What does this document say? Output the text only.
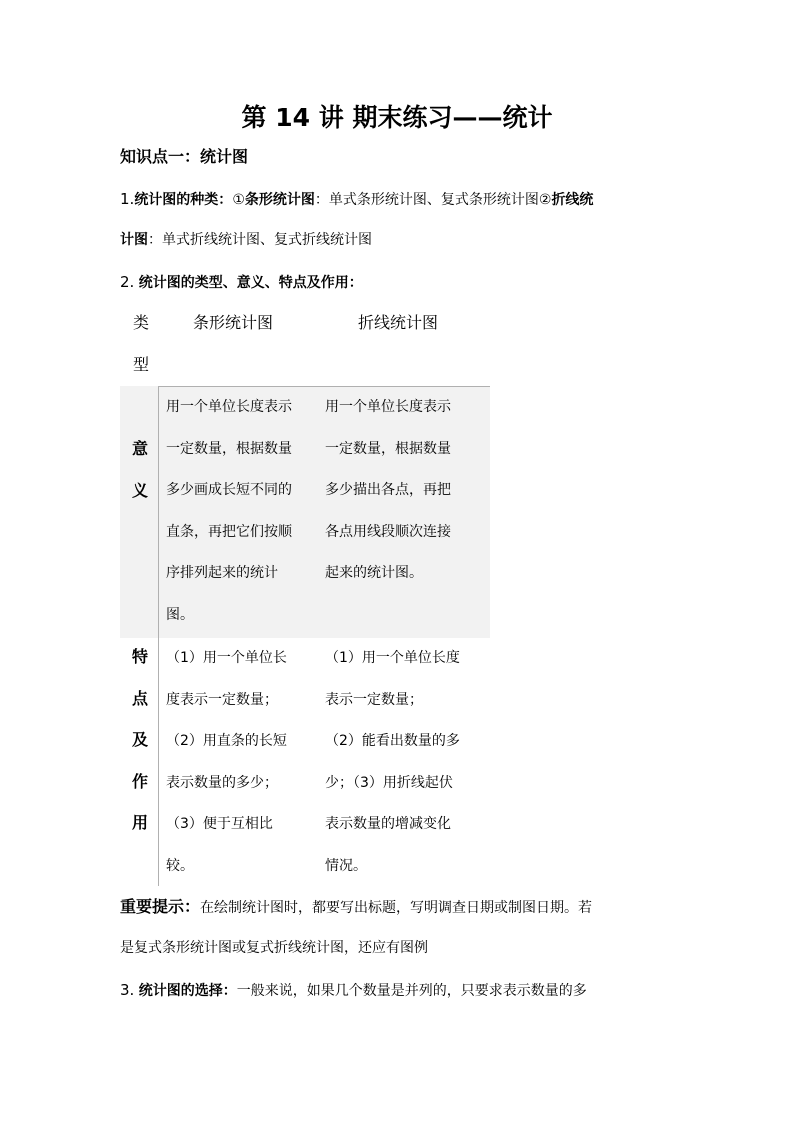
第 14 讲 期末练习——统计
知识点一：统计图
1.统计图的种类：①条形统计图：单式条形统计图、复式条形统计图②折线统
计图：单式折线统计图、复式折线统计图
2. 统计图的类型、意义、特点及作用：
类
型
条形统计图	折线统计图
意
义
用一个单位长度表示
一定数量，根据数量
多少画成长短不同的
直条，再把它们按顺
序排列起来的统计
图。
用一个单位长度表示
一定数量，根据数量
多少描出各点，再把
各点用线段顺次连接
起来的统计图。
特
点
及
作
用
（1）用一个单位长
度表示一定数量；
（2）用直条的长短
表示数量的多少；
（3）便于互相比
较。
（1）用一个单位长度
表示一定数量；
（2）能看出数量的多
少；（3）用折线起伏
表示数量的增减变化
情况。
重要提示：在绘制统计图时，都要写出标题，写明调查日期或制图日期。若
是复式条形统计图或复式折线统计图，还应有图例
3. 统计图的选择：一般来说，如果几个数量是并列的，只要求表示数量的多
